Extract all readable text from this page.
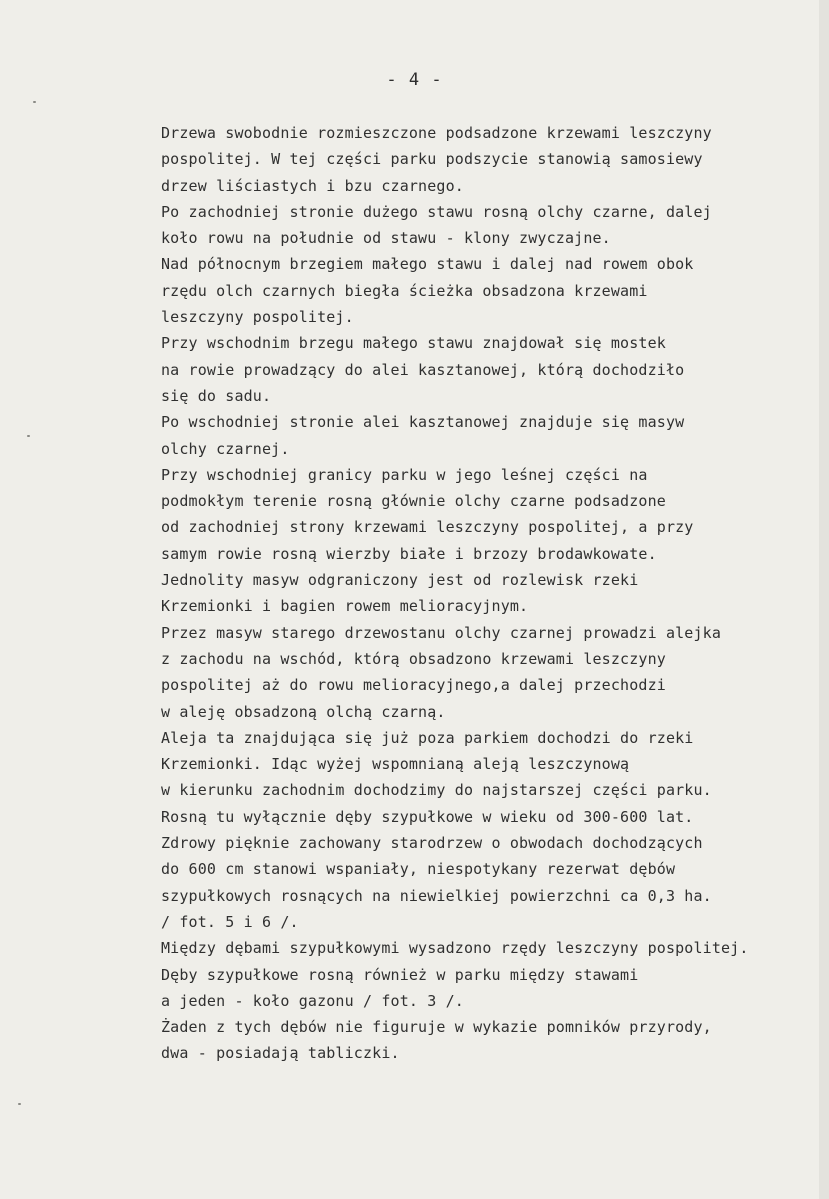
- 4 -
Drzewa swobodnie rozmieszczone podsadzone krzewami leszczyny
pospolitej. W tej części parku podszycie stanowią samosiewy
drzew liściastych i bzu czarnego.
Po zachodniej stronie dużego stawu rosną olchy czarne, dalej
koło rowu na południe od stawu - klony zwyczajne.
Nad północnym brzegiem małego stawu i dalej nad rowem obok
rzędu olch czarnych biegła ścieżka obsadzona krzewami
leszczyny pospolitej.
Przy wschodnim brzegu małego stawu znajdował się mostek
na rowie prowadzący do alei kasztanowej, którą dochodziło
się do sadu.
Po wschodniej stronie alei kasztanowej znajduje się masyw
olchy czarnej.
Przy wschodniej granicy parku w jego leśnej części na
podmokłym terenie rosną głównie olchy czarne podsadzone
od zachodniej strony krzewami leszczyny pospolitej, a przy
samym rowie rosną wierzby białe i brzozy brodawkowate.
Jednolity masyw odgraniczony jest od rozlewisk rzeki
Krzemionki i bagien rowem melioracyjnym.
Przez masyw starego drzewostanu olchy czarnej prowadzi alejka
z zachodu na wschód, którą obsadzono krzewami leszczyny
pospolitej aż do rowu melioracyjnego,a dalej przechodzi
w aleję obsadzoną olchą czarną.
Aleja ta znajdująca się już poza parkiem dochodzi do rzeki
Krzemionki. Idąc wyżej wspomnianą aleją leszczynową
w kierunku zachodnim dochodzimy do najstarszej części parku.
Rosną tu wyłącznie dęby szypułkowe w wieku od 300-600 lat.
Zdrowy pięknie zachowany starodrzew o obwodach dochodzących
do 600 cm stanowi wspaniały, niespotykany rezerwat dębów
szypułkowych rosnących na niewielkiej powierzchni ca 0,3 ha.
/ fot. 5 i 6 /.
Między dębami szypułkowymi wysadzono rzędy leszczyny pospolitej.
Dęby szypułkowe rosną również w parku między stawami
a jeden - koło gazonu / fot. 3 /.
Żaden z tych dębów nie figuruje w wykazie pomników przyrody,
dwa - posiadają tabliczki.
